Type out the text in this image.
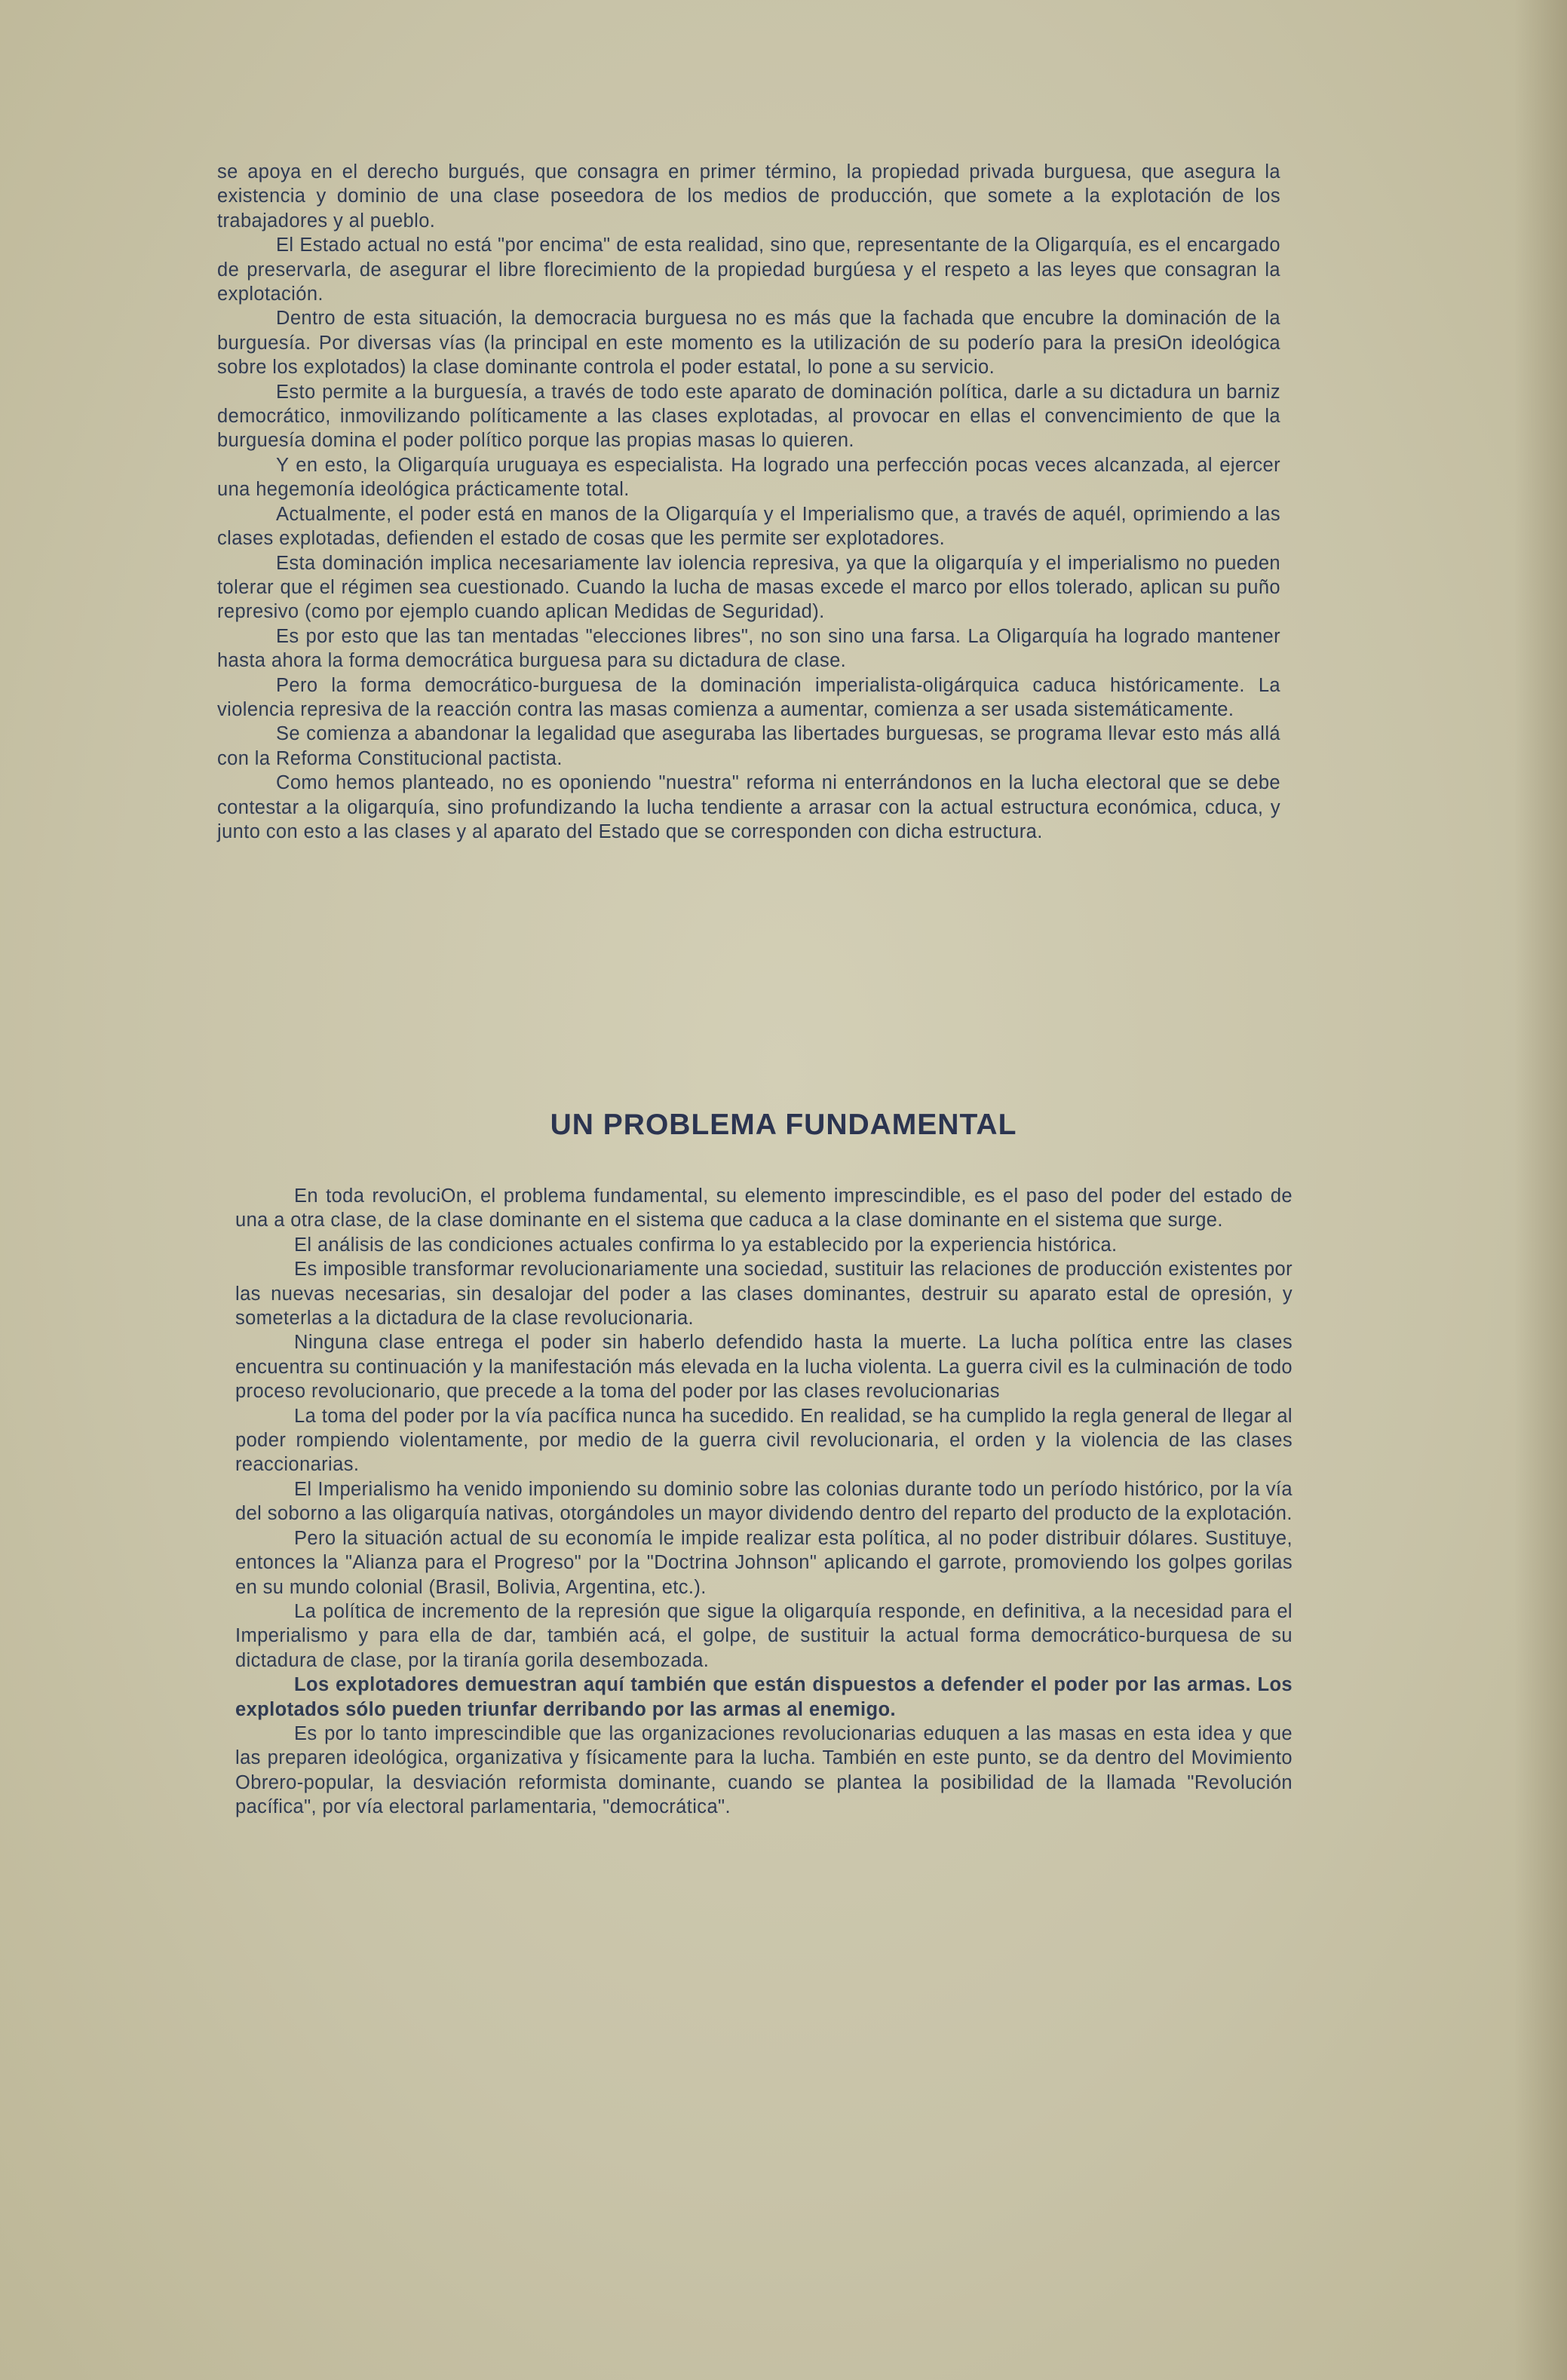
se apoya en el derecho burgués, que consagra en primer término, la propiedad privada burguesa, que asegura la existencia y dominio de una clase poseedora de los medios de producción, que somete a la explotación de los trabajadores y al pueblo.

El Estado actual no está "por encima" de esta realidad, sino que, representante de la Oligarquía, es el encargado de preservarla, de asegurar el libre florecimiento de la propiedad burgúesa y el respeto a las leyes que consagran la explotación.

Dentro de esta situación, la democracia burguesa no es más que la fachada que encubre la dominación de la burguesía. Por diversas vías (la principal en este momento es la utilización de su poderío para la presiOn ideológica sobre los explotados) la clase dominante controla el poder estatal, lo pone a su servicio.

Esto permite a la burguesía, a través de todo este aparato de dominación política, darle a su dictadura un barniz democrático, inmovilizando políticamente a las clases explotadas, al provocar en ellas el convencimiento de que la burguesía domina el poder político porque las propias masas lo quieren.

Y en esto, la Oligarquía uruguaya es especialista. Ha logrado una perfección pocas veces alcanzada, al ejercer una hegemonía ideológica prácticamente total.

Actualmente, el poder está en manos de la Oligarquía y el Imperialismo que, a través de aquél, oprimiendo a las clases explotadas, defienden el estado de cosas que les permite ser explotadores.

Esta dominación implica necesariamente lav iolencia represiva, ya que la oligarquía y el imperialismo no pueden tolerar que el régimen sea cuestionado. Cuando la lucha de masas excede el marco por ellos tolerado, aplican su puño represivo (como por ejemplo cuando aplican Medidas de Seguridad).

Es por esto que las tan mentadas "elecciones libres", no son sino una farsa. La Oligarquía ha logrado mantener hasta ahora la forma democrática burguesa para su dictadura de clase.

Pero la forma democrático-burguesa de la dominación imperialista-oligárquica caduca históricamente. La violencia represiva de la reacción contra las masas comienza a aumentar, comienza a ser usada sistemáticamente.

Se comienza a abandonar la legalidad que aseguraba las libertades burguesas, se programa llevar esto más allá con la Reforma Constitucional pactista.

Como hemos planteado, no es oponiendo "nuestra" reforma ni enterrándonos en la lucha electoral que se debe contestar a la oligarquía, sino profundizando la lucha tendiente a arrasar con la actual estructura económica, cduca, y junto con esto a las clases y al aparato del Estado que se corresponden con dicha estructura.

UN PROBLEMA FUNDAMENTAL

En toda revoluciOn, el problema fundamental, su elemento imprescindible, es el paso del poder del estado de una a otra clase, de la clase dominante en el sistema que caduca a la clase dominante en el sistema que surge.

El análisis de las condiciones actuales confirma lo ya establecido por la experiencia histórica.

Es imposible transformar revolucionariamente una sociedad, sustituir las relaciones de producción existentes por las nuevas necesarias, sin desalojar del poder a las clases dominantes, destruir su aparato estal de opresión, y someterlas a la dictadura de la clase revolucionaria.

Ninguna clase entrega el poder sin haberlo defendido hasta la muerte. La lucha política entre las clases encuentra su continuación y la manifestación más elevada en la lucha violenta. La guerra civil es la culminación de todo proceso revolucionario, que precede a la toma del poder por las clases revolucionarias

La toma del poder por la vía pacífica nunca ha sucedido. En realidad, se ha cumplido la regla general de llegar al poder rompiendo violentamente, por medio de la guerra civil revolucionaria, el orden y la violencia de las clases reaccionarias.

El Imperialismo ha venido imponiendo su dominio sobre las colonias durante todo un período histórico, por la vía del soborno a las oligarquía nativas, otorgándoles un mayor dividendo dentro del reparto del producto de la explotación.

Pero la situación actual de su economía le impide realizar esta política, al no poder distribuir dólares. Sustituye, entonces la "Alianza para el Progreso" por la "Doctrina Johnson" aplicando el garrote, promoviendo los golpes gorilas en su mundo colonial (Brasil, Bolivia, Argentina, etc.).

La política de incremento de la represión que sigue la oligarquía responde, en definitiva, a la necesidad para el Imperialismo y para ella de dar, también acá, el golpe, de sustituir la actual forma democrático-burquesa de su dictadura de clase, por la tiranía gorila desembozada.

Los explotadores demuestran aquí también que están dispuestos a defender el poder por las armas. Los explotados sólo pueden triunfar derribando por las armas al enemigo.

Es por lo tanto imprescindible que las organizaciones revolucionarias eduquen a las masas en esta idea y que las preparen ideológica, organizativa y físicamente para la lucha. También en este punto, se da dentro del Movimiento Obrero-popular, la desviación reformista dominante, cuando se plantea la posibilidad de la llamada "Revolución pacífica", por vía electoral parlamentaria, "democrática".
